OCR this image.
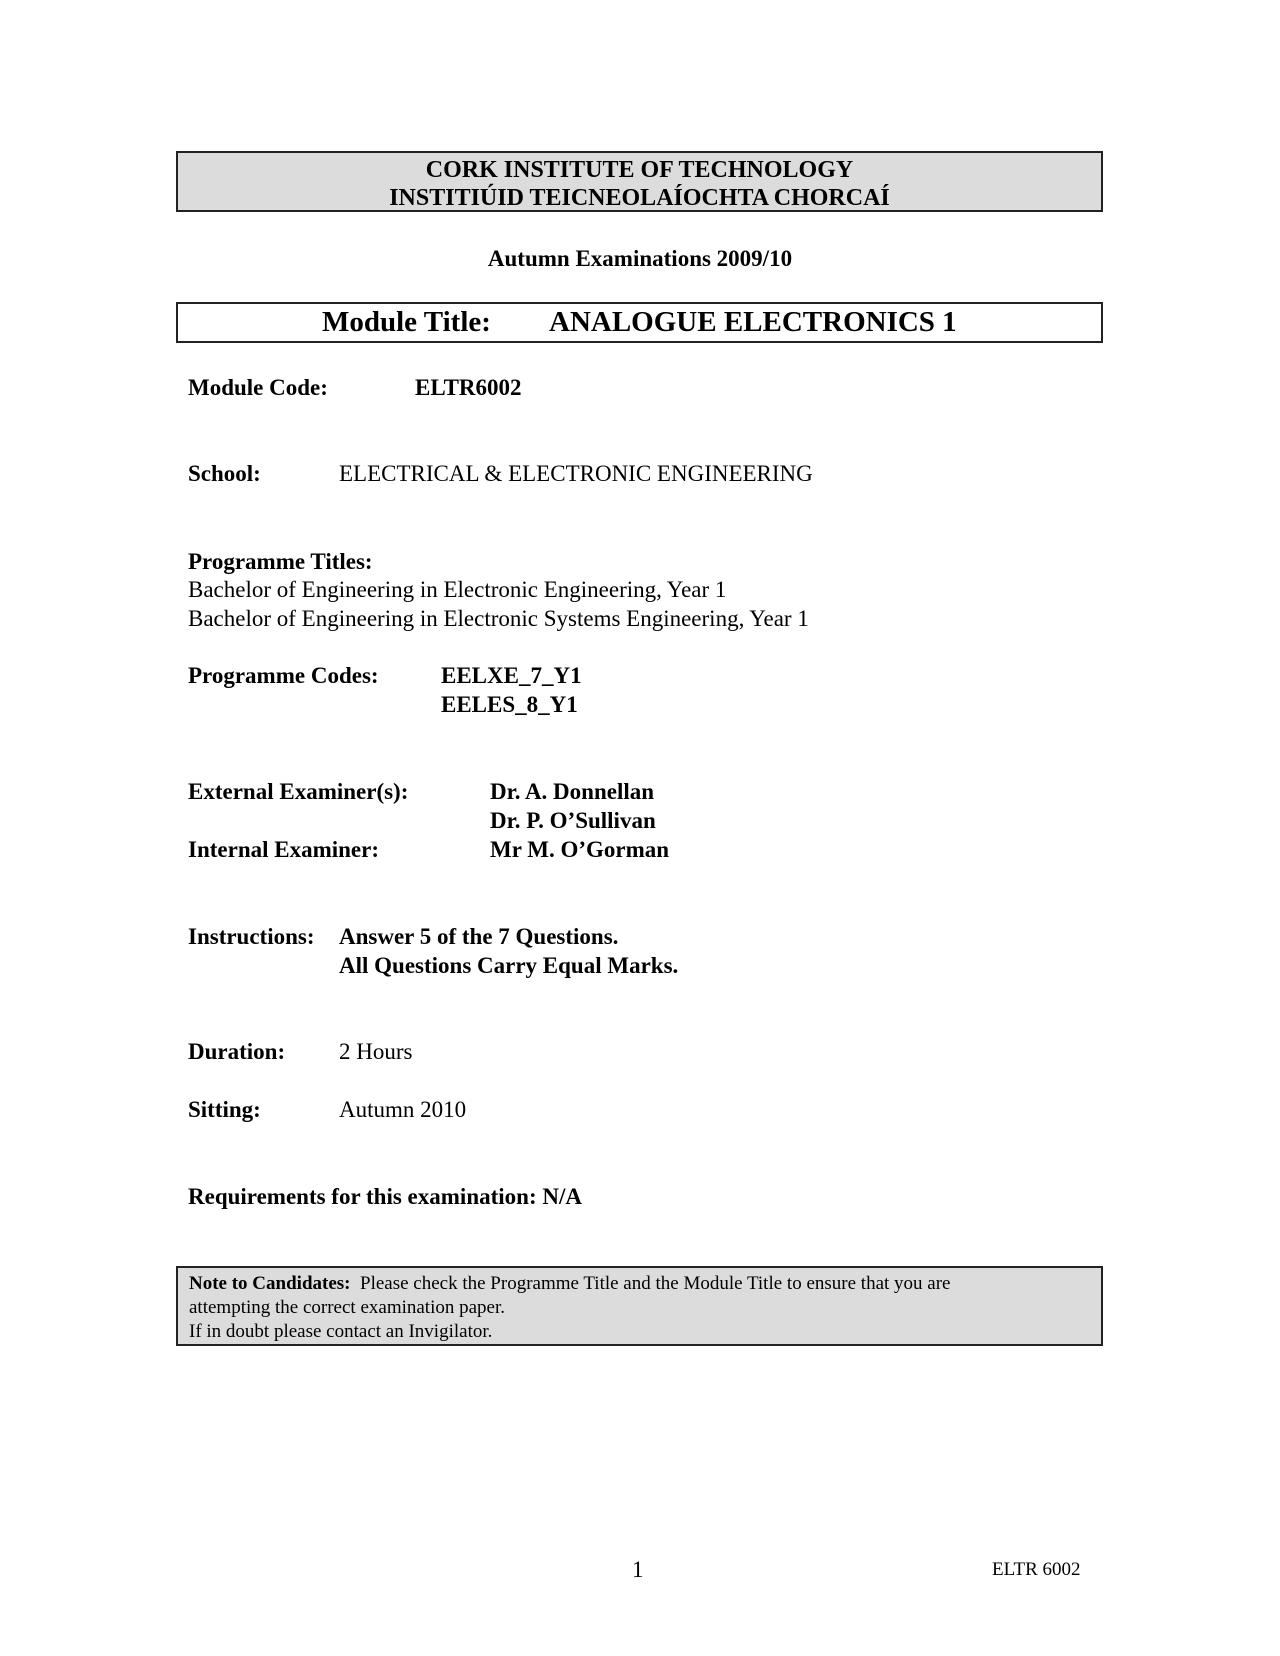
CORK INSTITUTE OF TECHNOLOGY
INSTITIÚID TEICNEOLAÍOCHTA CHORCAÍ
Autumn Examinations 2009/10
Module Title: ANALOGUE ELECTRONICS 1
Module Code:	ELTR6002
School:	ELECTRICAL & ELECTRONIC ENGINEERING
Programme Titles:
Bachelor of Engineering in Electronic Engineering, Year 1
Bachelor of Engineering in Electronic Systems Engineering, Year 1
Programme Codes:	EELXE_7_Y1
EELES_8_Y1
External Examiner(s):	Dr. A. Donnellan
Dr. P. O’Sullivan
Internal Examiner:	Mr M. O’Gorman
Instructions: Answer 5 of the 7 Questions.
All Questions Carry Equal Marks.
Duration: 2 Hours
Sitting:	Autumn 2010
Requirements for this examination: N/A
Note to Candidates: Please check the Programme Title and the Module Title to ensure that you are
attempting the correct examination paper.
If in doubt please contact an Invigilator.
1	ELTR 6002
